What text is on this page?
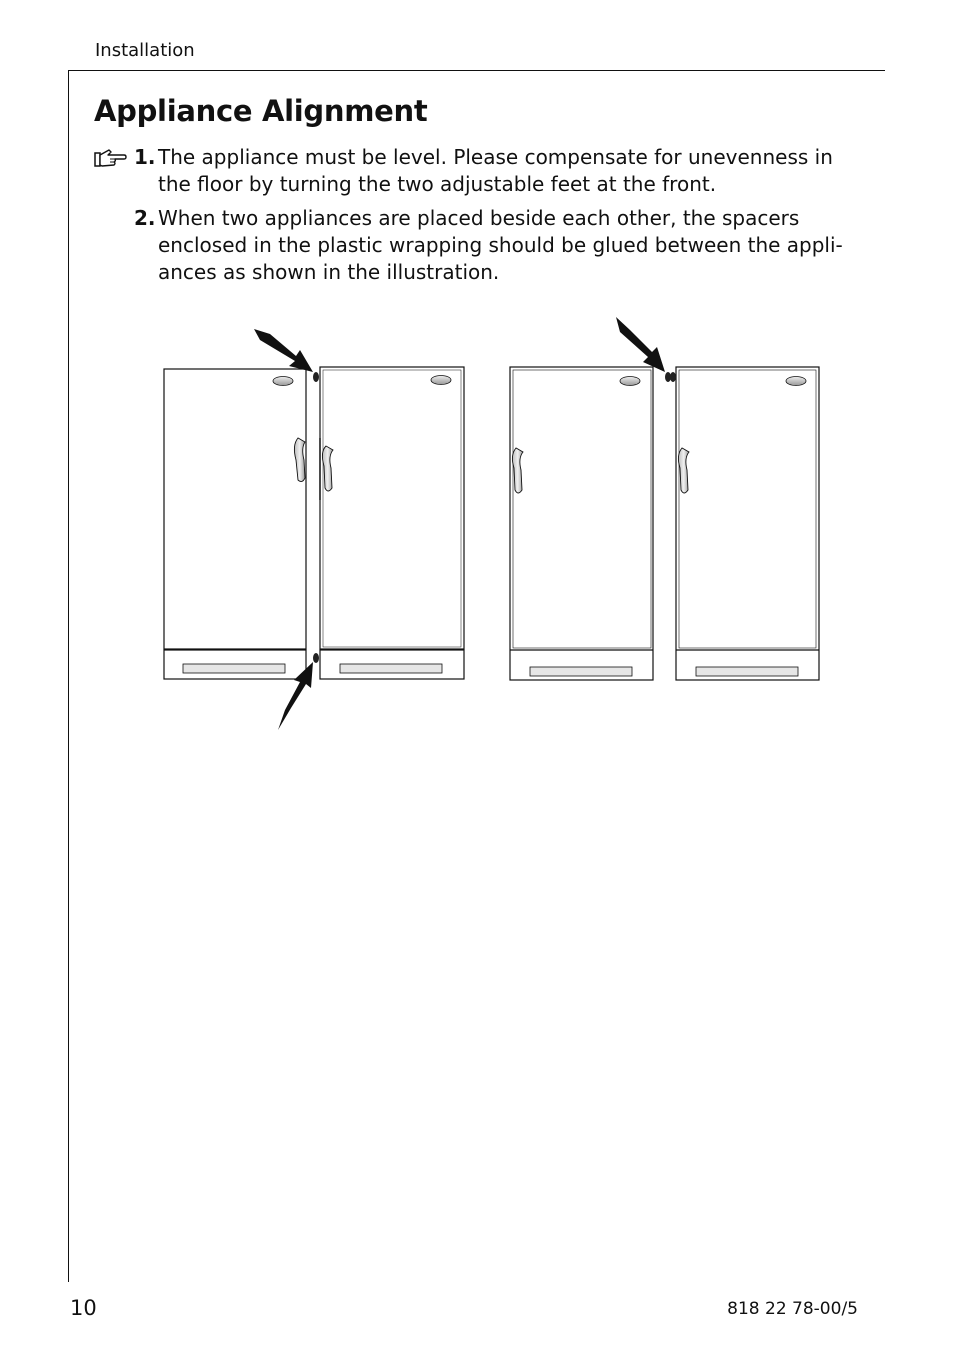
Installation
Appliance Alignment
1. The appliance must be level. Please compensate for unevenness in the floor by turning the two adjustable feet at the front.
2. When two appliances are placed beside each other, the spacers enclosed in the plastic wrapping should be glued between the appli-ances as shown in the illustration.
10	818 22 78-00/5
